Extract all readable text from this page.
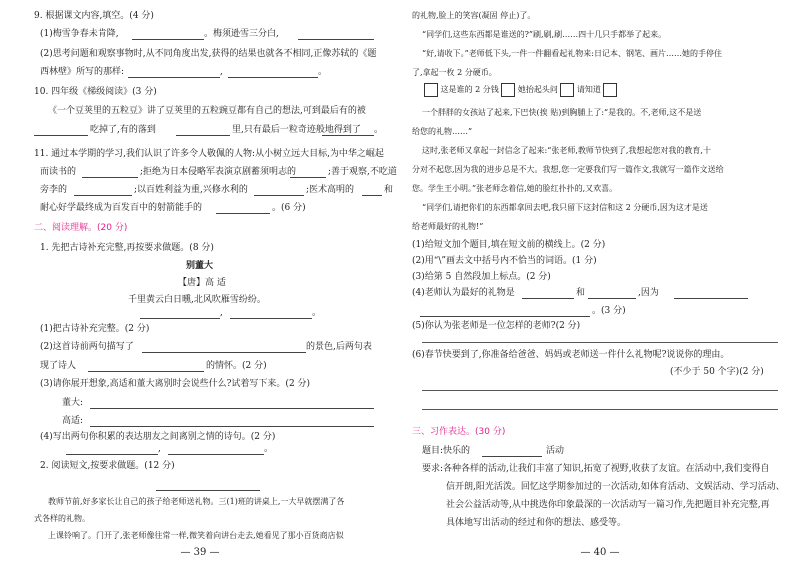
9. 根据课文内容,填空。(4 分)
(1)梅雪争春未肯降,	。梅须逊雪三分白,
(2)思考问题和观察事物时,从不同角度出发,获得的结果也就各不相同,正像苏轼的《题
西林壁》所写的那样:	,	。
10. 四年级《梯级阅读》(3 分)
《一个豆荚里的五粒豆》讲了豆荚里的五粒豌豆都有自己的想法,可到最后有的被
吃掉了,有的落到	里,只有最后一粒奇迹般地得到了 。
11. 通过本学期的学习,我们认识了许多令人敬佩的人物:从小树立远大目标,为中华之崛起
而读书的	;拒绝为日本侵略军表演京剧蓄须明志的	;善于观察,不吃道
旁李的	;以百姓利益为重,兴修水利的	;医术高明的	和
耐心好学最终成为百发百中的射箭能手的	。(6 分)
二、阅读理解。(20 分)
1. 先把古诗补充完整,再按要求做题。(8 分)
别董大
【唐】高 适
千里黄云白日曛,北风吹雁雪纷纷。
,	。
(1)把古诗补充完整。(2 分)
(2)这首诗前两句描写了	的景色,后两句表
现了诗人	的情怀。(2 分)
(3)请你展开想象,高适和董大离别时会说些什么?试着写下来。(2 分)
董大:
高适:
(4)写出两句你积累的表达朋友之间离别之情的诗句。(2 分)
,	。
2. 阅读短文,按要求做题。(12 分)
教师节前,好多家长让自己的孩子给老师送礼物。三(1)班的讲桌上,一大早就摆满了各
式各样的礼物。
上课铃响了。门开了,张老师像往常一样,微笑着向讲台走去,她看见了那小百货商店似
— 39 —
的礼物,脸上的笑容(凝固 停止)了。
“同学们,这些东西都是谁送的?”刷,刷,刷……四十几只手都举了起来。
“好,请收下。”老师低下头,一件一件翻看起礼物来:日记本、钢笔、画片……她的手停住
了,拿起一枚 2 分硬币。
这是谁的 2 分钱 她抬起头问 请知道
一个胖胖的女孩站了起来,下巴快(挨 贴)到胸脯上了:“是我的。不,老师,这不是送
给您的礼物……”
这时,张老师又拿起一封信念了起来:“张老师,教师节快到了,我想起您对我的教育,十
分对不起您,因为我的进步总是不大。我想,您一定要我们写一篇作文,我就写一篇作文送给
您。学生王小明。”张老师念着信,她的脸红扑扑的,又欢喜。
“同学们,请把你们的东西都拿回去吧,我只留下这封信和这 2 分硬币,因为这才是送
给老师最好的礼物!”
(1)给短文加个题目,填在短文前的横线上。(2 分)
(2)用“\”画去文中括号内不恰当的词语。(1 分)
(3)给第 5 自然段加上标点。(2 分)
(4)老师认为最好的礼物是	和	,因为
。(3 分)
(5)你认为张老师是一位怎样的老师?(2 分)
(6)春节快要到了,你准备给爸爸、妈妈或老师送一件什么礼物呢?说说你的理由。
(不少于 50 个字)(2 分)
三、习作表达。(30 分)
题目:快乐的	活动
要求:各种各样的活动,让我们丰富了知识,拓宽了视野,收获了友谊。在活动中,我们变得自
信开朗,阳光活泼。回忆这学期参加过的一次活动,如体育活动、文娱活动、学习活动、
社会公益活动等,从中挑选你印象最深的一次活动写一篇习作,先把题目补充完整,再
具体地写出活动的经过和你的想法、感受等。
— 40 —
